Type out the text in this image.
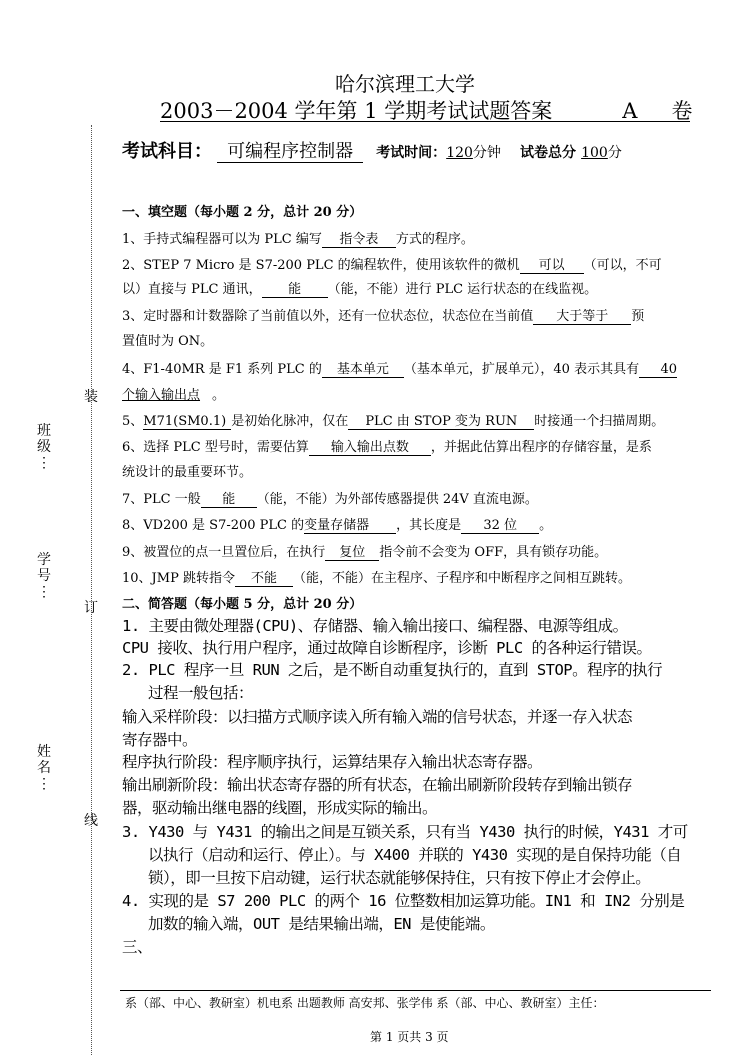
装
订
线
班
级
⋮
学
号
⋮
姓
名
⋮
哈尔滨理工大学
2003－2004 学年第 1 学期考试试题答案	A 卷
考试科目： 可编程序控制器 考试时间：120分钟 试卷总分 100分
一、填空题（每小题 2 分，总计 20 分）
1、手持式编程器可以为 PLC 编写 指令表 方式的程序。
2、STEP 7 Micro 是 S7-200 PLC 的编程软件，使用该软件的微机 可以 （可以，不可
以）直接与 PLC 通讯， 能 （能，不能）进行 PLC 运行状态的在线监视。
3、定时器和计数器除了当前值以外，还有一位状态位，状态位在当前值 大于等于 预
置值时为 ON。
4、F1-40MR 是 F1 系列 PLC 的 基本单元 （基本单元，扩展单元），40 表示其具有 40
个输入输出点 。
5、M71(SM0.1) 是初始化脉冲，仅在 PLC 由 STOP 变为 RUN 时接通一个扫描周期。
6、选择 PLC 型号时，需要估算 输入输出点数 ，并据此估算出程序的存储容量，是系
统设计的最重要环节。
7、PLC 一般 能 （能，不能）为外部传感器提供 24V 直流电源。
8、VD200 是 S7-200 PLC 的变量存储器 ，其长度是 32 位 。
9、被置位的点一旦置位后，在执行 复位 指令前不会变为 OFF，具有锁存功能。
10、JMP 跳转指令 不能 （能，不能）在主程序、子程序和中断程序之间相互跳转。
二、简答题（每小题 5 分，总计 20 分）
1. 主要由微处理器(CPU)、存储器、输入输出接口、编程器、电源等组成。
CPU 接收、执行用户程序，通过故障自诊断程序，诊断 PLC 的各种运行错误。
2. PLC 程序一旦 RUN 之后，是不断自动重复执行的，直到 STOP。程序的执行
过程一般包括：
输入采样阶段：以扫描方式顺序读入所有输入端的信号状态，并逐一存入状态
寄存器中。
程序执行阶段：程序顺序执行，运算结果存入输出状态寄存器。
输出刷新阶段：输出状态寄存器的所有状态，在输出刷新阶段转存到输出锁存
器，驱动输出继电器的线圈，形成实际的输出。
3. Y430 与 Y431 的输出之间是互锁关系，只有当 Y430 执行的时候，Y431 才可
以执行（启动和运行、停止）。与 X400 并联的 Y430 实现的是自保持功能（自
锁），即一旦按下启动键，运行状态就能够保持住，只有按下停止才会停止。
4. 实现的是 S7 200 PLC 的两个 16 位整数相加运算功能。IN1 和 IN2 分别是
加数的输入端，OUT 是结果输出端，EN 是使能端。
三、
系（部、中心、教研室）机电系 出题教师 高安邦、张学伟 系（部、中心、教研室）主任：
第 1 页共 3 页
